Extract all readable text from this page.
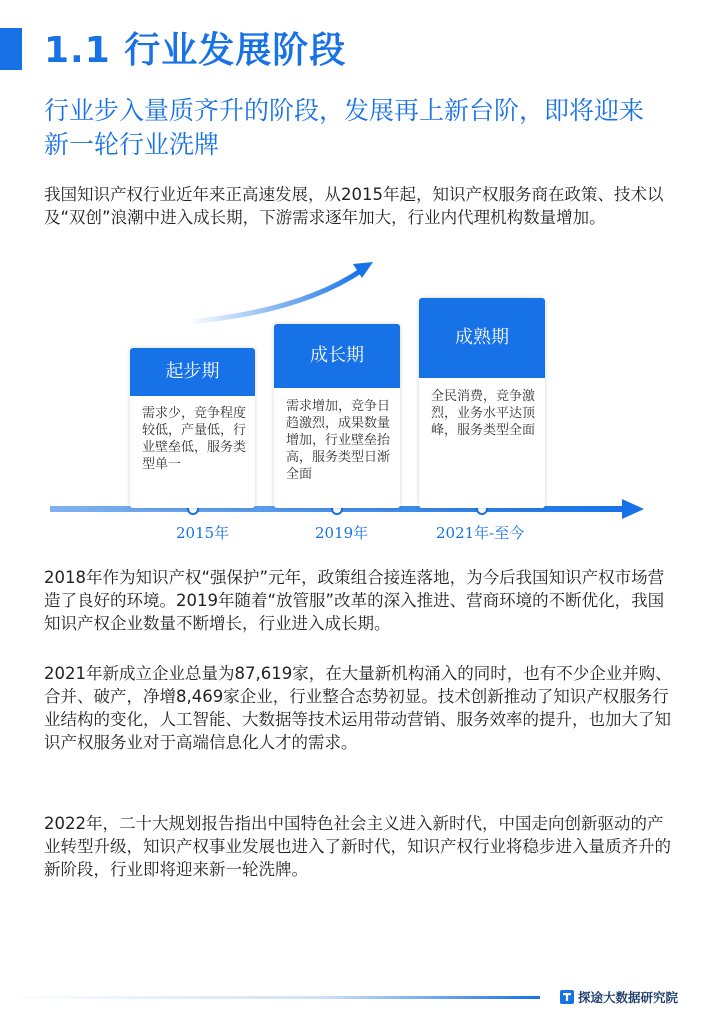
1.1 行业发展阶段
行业步入量质齐升的阶段，发展再上新台阶，即将迎来新一轮行业洗牌
我国知识产权行业近年来正高速发展，从2015年起，知识产权服务商在政策、技术以及“双创”浪潮中进入成长期，下游需求逐年加大，行业内代理机构数量增加。
起步期
需求少，竞争程度较低，产量低，行业壁垒低，服务类型单一
成长期
需求增加，竞争日趋激烈，成果数量增加，行业壁垒抬高，服务类型日渐全面
成熟期
全民消费，竞争激烈，业务水平达顶峰，服务类型全面
2015年	2019年	2021年-至今
2018年作为知识产权“强保护”元年，政策组合接连落地，为今后我国知识产权市场营造了良好的环境。2019年随着“放管服”改革的深入推进、营商环境的不断优化，我国知识产权企业数量不断增长，行业进入成长期。
2021年新成立企业总量为87,619家，在大量新机构涌入的同时，也有不少企业并购、合并、破产，净增8,469家企业，行业整合态势初显。技术创新推动了知识产权服务行业结构的变化，人工智能、大数据等技术运用带动营销、服务效率的提升，也加大了知识产权服务业对于高端信息化人才的需求。
2022年，二十大规划报告指出中国特色社会主义进入新时代，中国走向创新驱动的产业转型升级，知识产权事业发展也进入了新时代，知识产权行业将稳步进入量质齐升的新阶段，行业即将迎来新一轮洗牌。
探途大数据研究院
